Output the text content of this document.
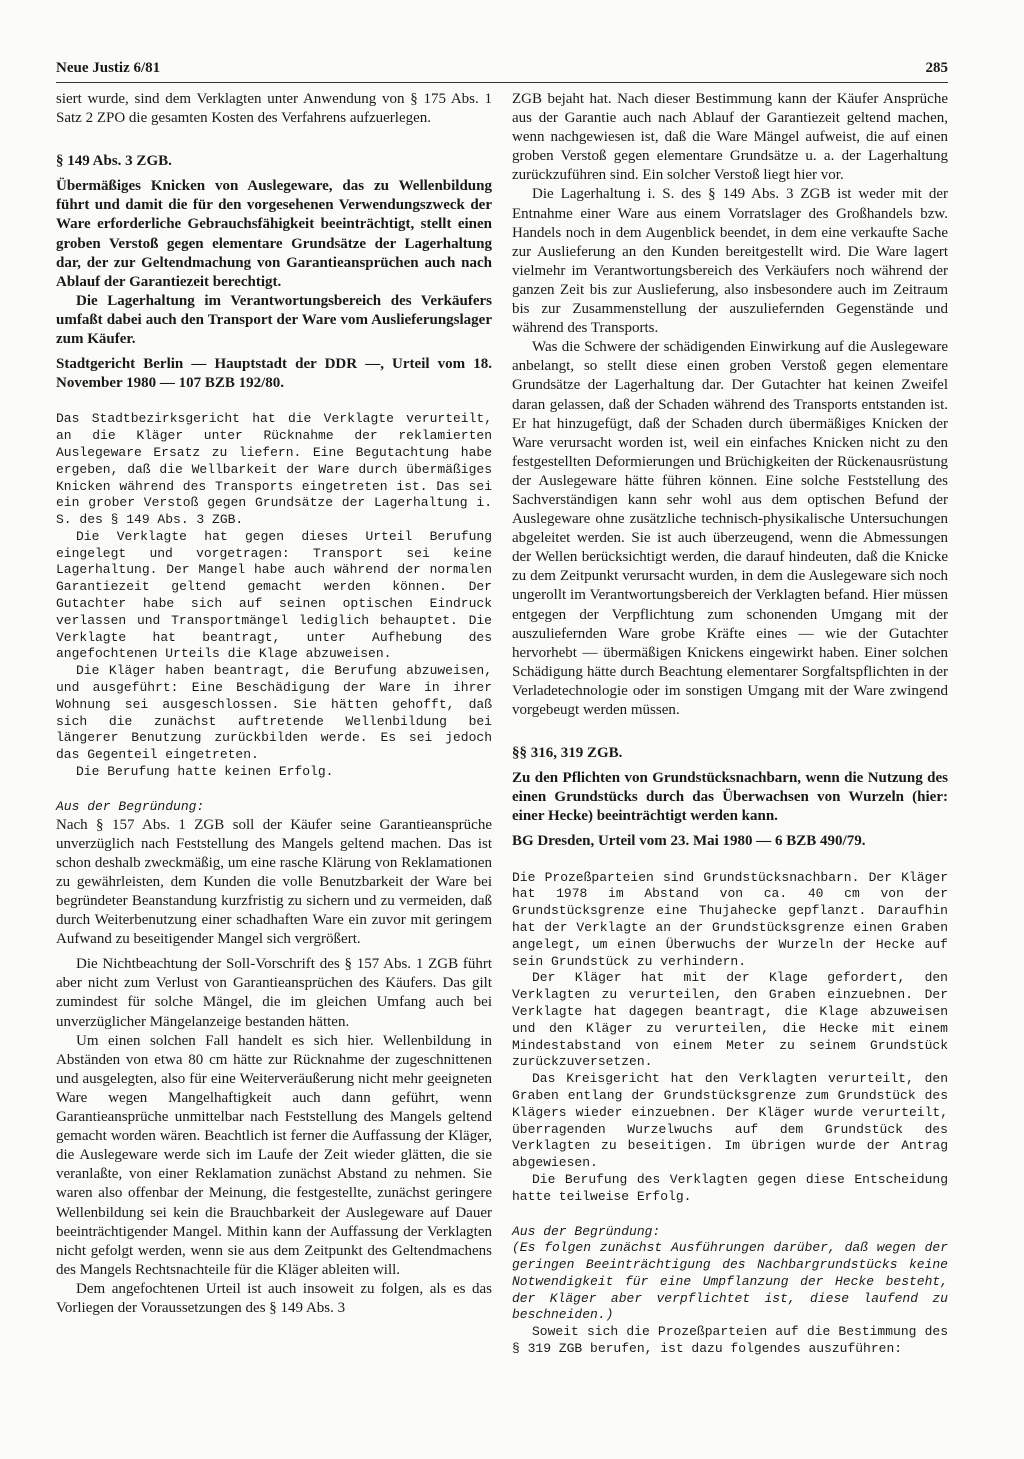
Neue Justiz 6/81	285

siert wurde, sind dem Verklagten unter Anwendung von § 175 Abs. 1 Satz 2 ZPO die gesamten Kosten des Verfahrens aufzuerlegen.

§ 149 Abs. 3 ZGB.

Übermäßiges Knicken von Auslegeware, das zu Wellenbildung führt und damit die für den vorgesehenen Verwendungszweck der Ware erforderliche Gebrauchsfähigkeit beeinträchtigt, stellt einen groben Verstoß gegen elementare Grundsätze der Lagerhaltung dar, der zur Geltendmachung von Garantieansprüchen auch nach Ablauf der Garantiezeit berechtigt.

Die Lagerhaltung im Verantwortungsbereich des Verkäufers umfaßt dabei auch den Transport der Ware vom Auslieferungslager zum Käufer.

Stadtgericht Berlin — Hauptstadt der DDR —, Urteil vom 18. November 1980 — 107 BZB 192/80.

Das Stadtbezirksgericht hat die Verklagte verurteilt, an die Kläger unter Rücknahme der reklamierten Auslegeware Ersatz zu liefern. Eine Begutachtung habe ergeben, daß die Wellbarkeit der Ware durch übermäßiges Knicken während des Transports eingetreten ist. Das sei ein grober Verstoß gegen Grundsätze der Lagerhaltung i. S. des § 149 Abs. 3 ZGB.

Die Verklagte hat gegen dieses Urteil Berufung eingelegt und vorgetragen: Transport sei keine Lagerhaltung. Der Mangel habe auch während der normalen Garantiezeit geltend gemacht werden können. Der Gutachter habe sich auf seinen optischen Eindruck verlassen und Transportmängel lediglich behauptet. Die Verklagte hat beantragt, unter Aufhebung des angefochtenen Urteils die Klage abzuweisen.

Die Kläger haben beantragt, die Berufung abzuweisen, und ausgeführt: Eine Beschädigung der Ware in ihrer Wohnung sei ausgeschlossen. Sie hätten gehofft, daß sich die zunächst auftretende Wellenbildung bei längerer Benutzung zurückbilden werde. Es sei jedoch das Gegenteil eingetreten.

Die Berufung hatte keinen Erfolg.

Aus der Begründung:

Nach § 157 Abs. 1 ZGB soll der Käufer seine Garantieansprüche unverzüglich nach Feststellung des Mangels geltend machen. Das ist schon deshalb zweckmäßig, um eine rasche Klärung von Reklamationen zu gewährleisten, dem Kunden die volle Benutzbarkeit der Ware bei begründeter Beanstandung kurzfristig zu sichern und zu vermeiden, daß durch Weiterbenutzung einer schadhaften Ware ein zuvor mit geringem Aufwand zu beseitigender Mangel sich vergrößert.

Die Nichtbeachtung der Soll-Vorschrift des § 157 Abs. 1 ZGB führt aber nicht zum Verlust von Garantieansprüchen des Käufers. Das gilt zumindest für solche Mängel, die im gleichen Umfang auch bei unverzüglicher Mängelanzeige bestanden hätten.

Um einen solchen Fall handelt es sich hier. Wellenbildung in Abständen von etwa 80 cm hätte zur Rücknahme der zugeschnittenen und ausgelegten, also für eine Weiterveräußerung nicht mehr geeigneten Ware wegen Mangelhaftigkeit auch dann geführt, wenn Garantieansprüche unmittelbar nach Feststellung des Mangels geltend gemacht worden wären. Beachtlich ist ferner die Auffassung der Kläger, die Auslegeware werde sich im Laufe der Zeit wieder glätten, die sie veranlaßte, von einer Reklamation zunächst Abstand zu nehmen. Sie waren also offenbar der Meinung, die festgestellte, zunächst geringere Wellenbildung sei kein die Brauchbarkeit der Auslegeware auf Dauer beeinträchtigender Mangel. Mithin kann der Auffassung der Verklagten nicht gefolgt werden, wenn sie aus dem Zeitpunkt des Geltendmachens des Mangels Rechtsnachteile für die Kläger ableiten will.

Dem angefochtenen Urteil ist auch insoweit zu folgen, als es das Vorliegen der Voraussetzungen des § 149 Abs. 3

ZGB bejaht hat. Nach dieser Bestimmung kann der Käufer Ansprüche aus der Garantie auch nach Ablauf der Garantiezeit geltend machen, wenn nachgewiesen ist, daß die Ware Mängel aufweist, die auf einen groben Verstoß gegen elementare Grundsätze u. a. der Lagerhaltung zurückzuführen sind. Ein solcher Verstoß liegt hier vor.

Die Lagerhaltung i. S. des § 149 Abs. 3 ZGB ist weder mit der Entnahme einer Ware aus einem Vorratslager des Großhandels bzw. Handels noch in dem Augenblick beendet, in dem eine verkaufte Sache zur Auslieferung an den Kunden bereitgestellt wird. Die Ware lagert vielmehr im Verantwortungsbereich des Verkäufers noch während der ganzen Zeit bis zur Auslieferung, also insbesondere auch im Zeitraum bis zur Zusammenstellung der auszuliefernden Gegenstände und während des Transports.

Was die Schwere der schädigenden Einwirkung auf die Auslegeware anbelangt, so stellt diese einen groben Verstoß gegen elementare Grundsätze der Lagerhaltung dar. Der Gutachter hat keinen Zweifel daran gelassen, daß der Schaden während des Transports entstanden ist. Er hat hinzugefügt, daß der Schaden durch übermäßiges Knicken der Ware verursacht worden ist, weil ein einfaches Knicken nicht zu den festgestellten Deformierungen und Brüchigkeiten der Rückenausrüstung der Auslegeware hätte führen können. Eine solche Feststellung des Sachverständigen kann sehr wohl aus dem optischen Befund der Auslegeware ohne zusätzliche technisch-physikalische Untersuchungen abgeleitet werden. Sie ist auch überzeugend, wenn die Abmessungen der Wellen berücksichtigt werden, die darauf hindeuten, daß die Knicke zu dem Zeitpunkt verursacht wurden, in dem die Auslegeware sich noch ungerollt im Verantwortungsbereich der Verklagten befand. Hier müssen entgegen der Verpflichtung zum schonenden Umgang mit der auszuliefernden Ware grobe Kräfte eines — wie der Gutachter hervorhebt — übermäßigen Knickens eingewirkt haben. Einer solchen Schädigung hätte durch Beachtung elementarer Sorgfaltspflichten in der Verladetechnologie oder im sonstigen Umgang mit der Ware zwingend vorgebeugt werden müssen.

§§ 316, 319 ZGB.

Zu den Pflichten von Grundstücksnachbarn, wenn die Nutzung des einen Grundstücks durch das Überwachsen von Wurzeln (hier: einer Hecke) beeinträchtigt werden kann.

BG Dresden, Urteil vom 23. Mai 1980 — 6 BZB 490/79.

Die Prozeßparteien sind Grundstücksnachbarn. Der Kläger hat 1978 im Abstand von ca. 40 cm von der Grundstücksgrenze eine Thujahecke gepflanzt. Daraufhin hat der Verklagte an der Grundstücksgrenze einen Graben angelegt, um einen Überwuchs der Wurzeln der Hecke auf sein Grundstück zu verhindern.

Der Kläger hat mit der Klage gefordert, den Verklagten zu verurteilen, den Graben einzuebnen. Der Verklagte hat dagegen beantragt, die Klage abzuweisen und den Kläger zu verurteilen, die Hecke mit einem Mindestabstand von einem Meter zu seinem Grundstück zurückzuversetzen.

Das Kreisgericht hat den Verklagten verurteilt, den Graben entlang der Grundstücksgrenze zum Grundstück des Klägers wieder einzuebnen. Der Kläger wurde verurteilt, überragenden Wurzelwuchs auf dem Grundstück des Verklagten zu beseitigen. Im übrigen wurde der Antrag abgewiesen.

Die Berufung des Verklagten gegen diese Entscheidung hatte teilweise Erfolg.

Aus der Begründung:

(Es folgen zunächst Ausführungen darüber, daß wegen der geringen Beeinträchtigung des Nachbargrundstücks keine Notwendigkeit für eine Umpflanzung der Hecke besteht, der Kläger aber verpflichtet ist, diese laufend zu beschneiden.)

Soweit sich die Prozeßparteien auf die Bestimmung des § 319 ZGB berufen, ist dazu folgendes auszuführen:
